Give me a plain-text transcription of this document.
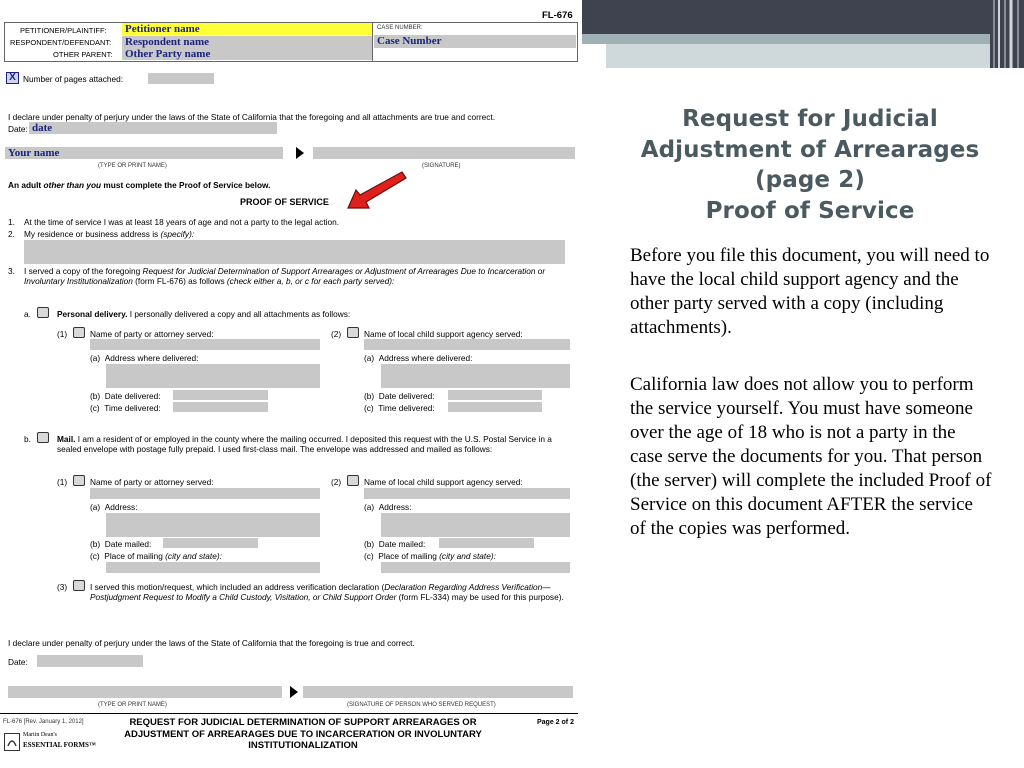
FL-676
PETITIONER/PLAINTIFF: Petitioner name
RESPONDENT/DEFENDANT: Respondent name
OTHER PARENT: Other Party name
CASE NUMBER:
Case Number
X Number of pages attached:
I declare under penalty of perjury under the laws of the State of California that the foregoing and all attachments are true and correct.
Date: date
Your name
(TYPE OR PRINT NAME)	(SIGNATURE)
An adult other than you must complete the Proof of Service below.
PROOF OF SERVICE
1. At the time of service I was at least 18 years of age and not a party to the legal action.
2. My residence or business address is (specify):
3. I served a copy of the foregoing Request for Judicial Determination of Support Arrearages or Adjustment of Arrearages Due to Incarceration or Involuntary Institutionalization (form FL-676) as follows (check either a, b, or c for each party served):
a.	Personal delivery. I personally delivered a copy and all attachments as follows:
(1)	Name of party or attorney served:
(a)  Address where delivered:
(b)  Date delivered:
(c)  Time delivered:
(2)	Name of local child support agency served:
(a)  Address where delivered:
(b)  Date delivered:
(c)  Time delivered:
b.	Mail. I am a resident of or employed in the county where the mailing occurred. I deposited this request with the U.S. Postal Service in a sealed envelope with postage fully prepaid. I used first-class mail. The envelope was addressed and mailed as follows:
(1)	Name of party or attorney served:
(a)  Address:
(b)  Date mailed:
(c)  Place of mailing (city and state):
(2)	Name of local child support agency served:
(a)  Address:
(b)  Date mailed:
(c)  Place of mailing (city and state):
(3)	I served this motion/request, which included an address verification declaration (Declaration Regarding Address Verification—Postjudgment Request to Modify a Child Custody, Visitation, or Child Support Order (form FL-334) may be used for this purpose).
I declare under penalty of perjury under the laws of the State of California that the foregoing is true and correct.
Date:
(TYPE OR PRINT NAME)	(SIGNATURE OF PERSON WHO SERVED REQUEST)
FL-676 [Rev. January 1, 2012]	REQUEST FOR JUDICIAL DETERMINATION OF SUPPORT ARREARAGES OR ADJUSTMENT OF ARREARAGES DUE TO INCARCERATION OR INVOLUNTARY INSTITUTIONALIZATION
Page 2 of 2
Martin Dean's
ESSENTIAL FORMS™
Request for Judicial
Adjustment of Arrearages
(page 2)
Proof of Service
Before you file this document, you will need to have the local child support agency and the other party served with a copy (including attachments).
California law does not allow you to perform the service yourself. You must have someone over the age of 18 who is not a party in the case serve the documents for you. That person (the server) will complete the included Proof of Service on this document AFTER the service of the copies was performed.
